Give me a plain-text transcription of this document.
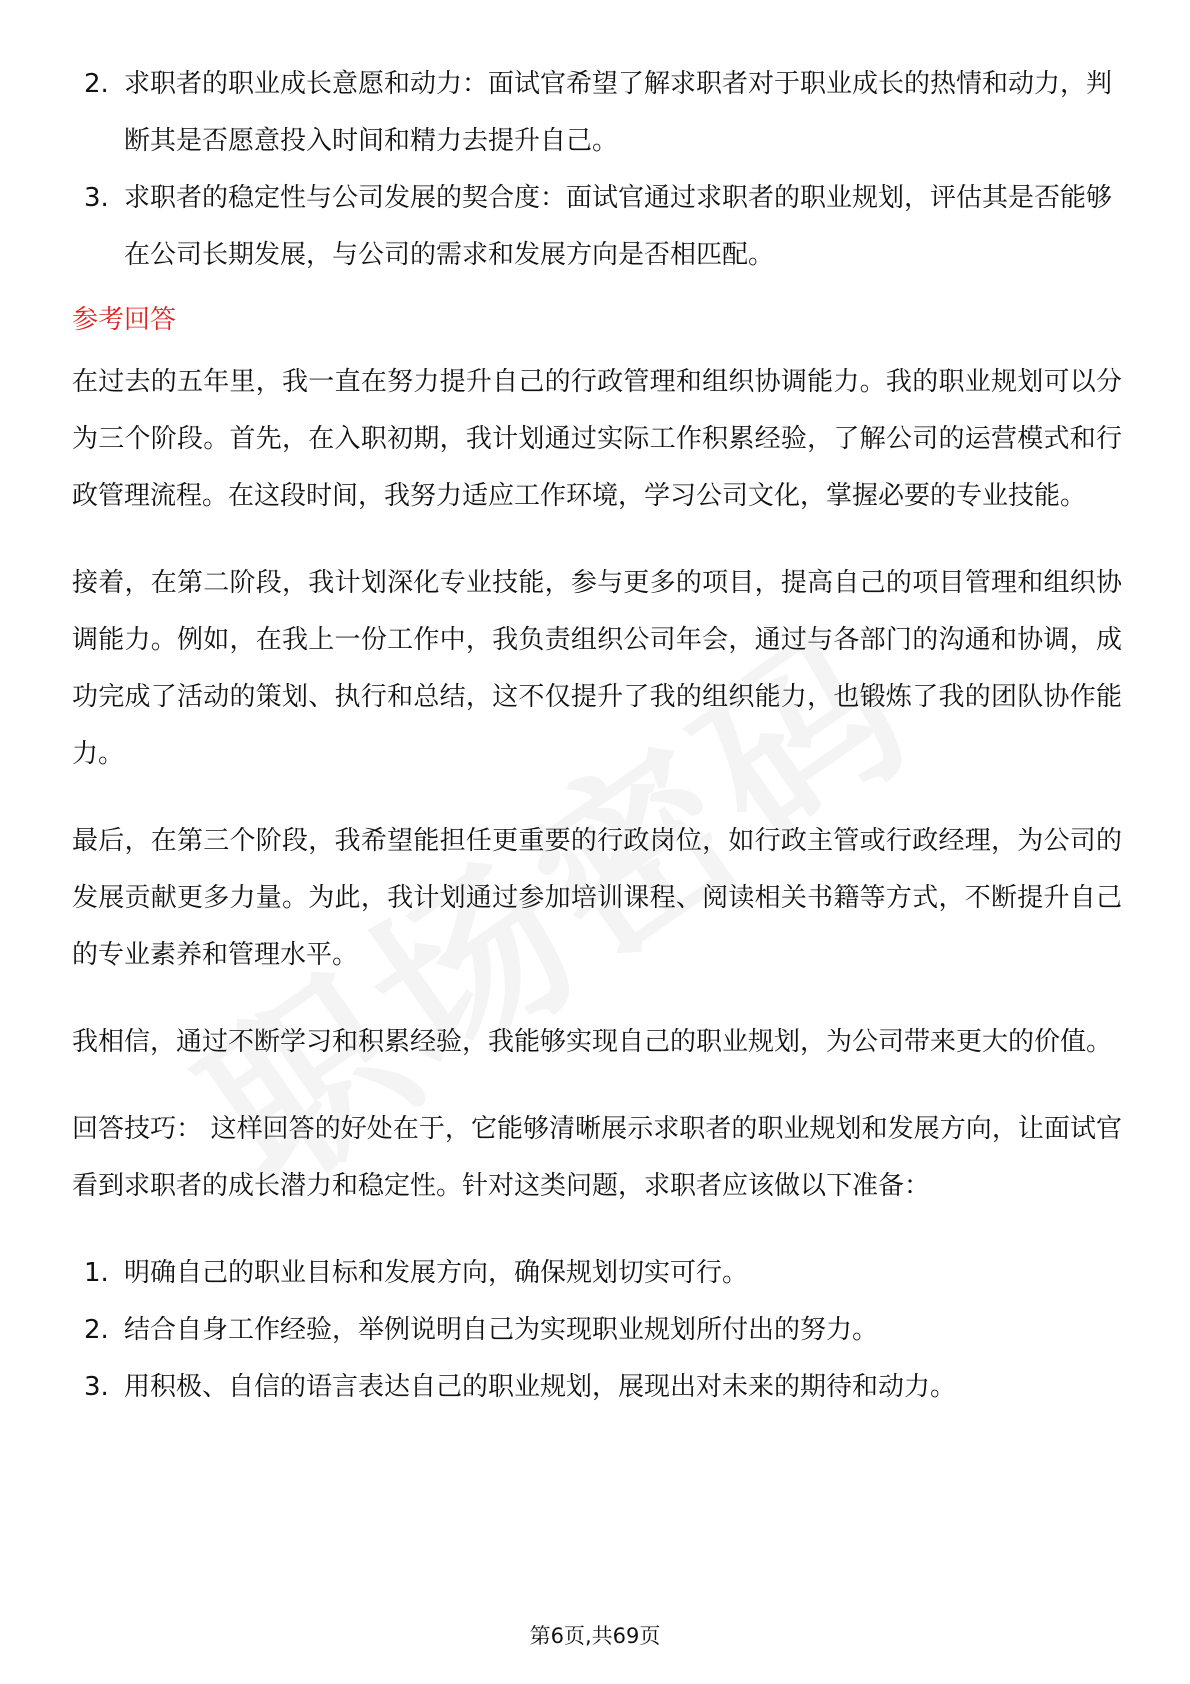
2. 求职者的职业成长意愿和动力：面试官希望了解求职者对于职业成长的热情和动力，判断其是否愿意投入时间和精力去提升自己。
3. 求职者的稳定性与公司发展的契合度：面试官通过求职者的职业规划，评估其是否能够在公司长期发展，与公司的需求和发展方向是否相匹配。
参考回答

在过去的五年里，我一直在努力提升自己的行政管理和组织协调能力。我的职业规划可以分为三个阶段。首先，在入职初期，我计划通过实际工作积累经验，了解公司的运营模式和行政管理流程。在这段时间，我努力适应工作环境，学习公司文化，掌握必要的专业技能。

接着，在第二阶段，我计划深化专业技能，参与更多的项目，提高自己的项目管理和组织协调能力。例如，在我上一份工作中，我负责组织公司年会，通过与各部门的沟通和协调，成功完成了活动的策划、执行和总结，这不仅提升了我的组织能力，也锻炼了我的团队协作能力。

最后，在第三个阶段，我希望能担任更重要的行政岗位，如行政主管或行政经理，为公司的发展贡献更多力量。为此，我计划通过参加培训课程、阅读相关书籍等方式，不断提升自己的专业素养和管理水平。

我相信，通过不断学习和积累经验，我能够实现自己的职业规划，为公司带来更大的价值。

回答技巧： 这样回答的好处在于，它能够清晰展示求职者的职业规划和发展方向，让面试官看到求职者的成长潜力和稳定性。针对这类问题，求职者应该做以下准备：

1. 明确自己的职业目标和发展方向，确保规划切实可行。
2. 结合自身工作经验，举例说明自己为实现职业规划所付出的努力。
3. 用积极、自信的语言表达自己的职业规划，展现出对未来的期待和动力。
第6页,共69页
